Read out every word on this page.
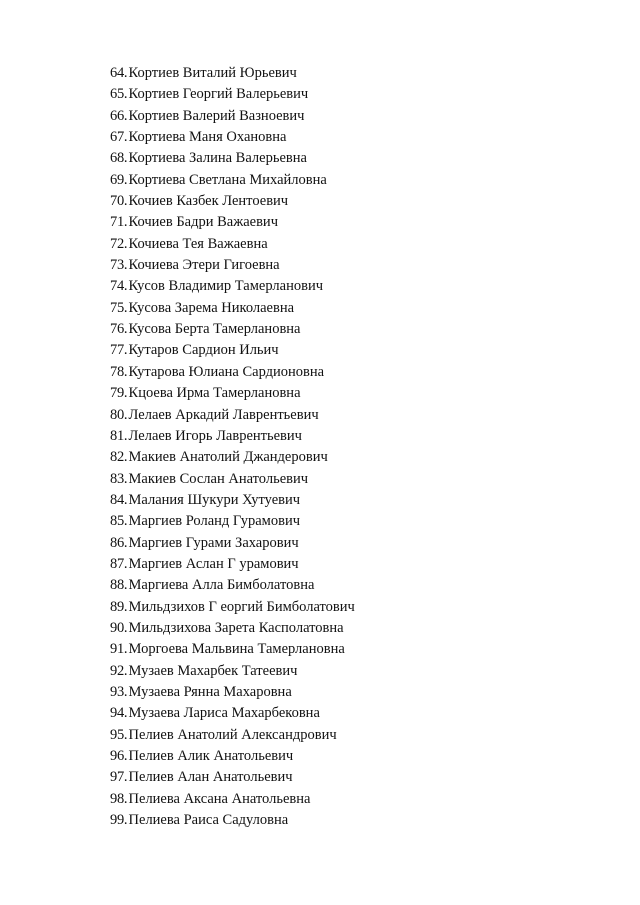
64.Кортиев Виталий Юрьевич
65.Кортиев Георгий Валерьевич
66.Кортиев Валерий Вазноевич
67.Кортиева Маня Охановна
68.Кортиева Залина Валерьевна
69.Кортиева Светлана Михайловна
70.Кочиев Казбек Лентоевич
71.Кочиев Бадри Важаевич
72.Кочиева Тея Важаевна
73.Кочиева Этери Гигоевна
74.Кусов Владимир Тамерланович
75.Кусова Зарема Николаевна
76.Кусова Берта Тамерлановна
77.Кутаров Сардион Ильич
78.Кутарова Юлиана Сардионовна
79.Кцоева Ирма Тамерлановна
80.Лелаев Аркадий Лаврентьевич
81.Лелаев Игорь Лаврентьевич
82.Макиев Анатолий Джандерович
83.Макиев Сослан Анатольевич
84.Малания Шукури Хутуевич
85.Маргиев Роланд Гурамович
86.Маргиев Гурами Захарович
87.Маргиев Аслан Г урамович
88.Маргиева Алла Бимболатовна
89.Мильдзихов Г еоргий Бимболатович
90.Мильдзихова Зарета Касполатовна
91.Моргоева Мальвина Тамерлановна
92.Музаев Махарбек Татеевич
93.Музаева Рянна Махаровна
94.Музаева Лариса Махарбековна
95.Пелиев Анатолий Александрович
96.Пелиев Алик Анатольевич
97.Пелиев Алан Анатольевич
98.Пелиева Аксана Анатольевна
99.Пелиева Раиса Садуловна
